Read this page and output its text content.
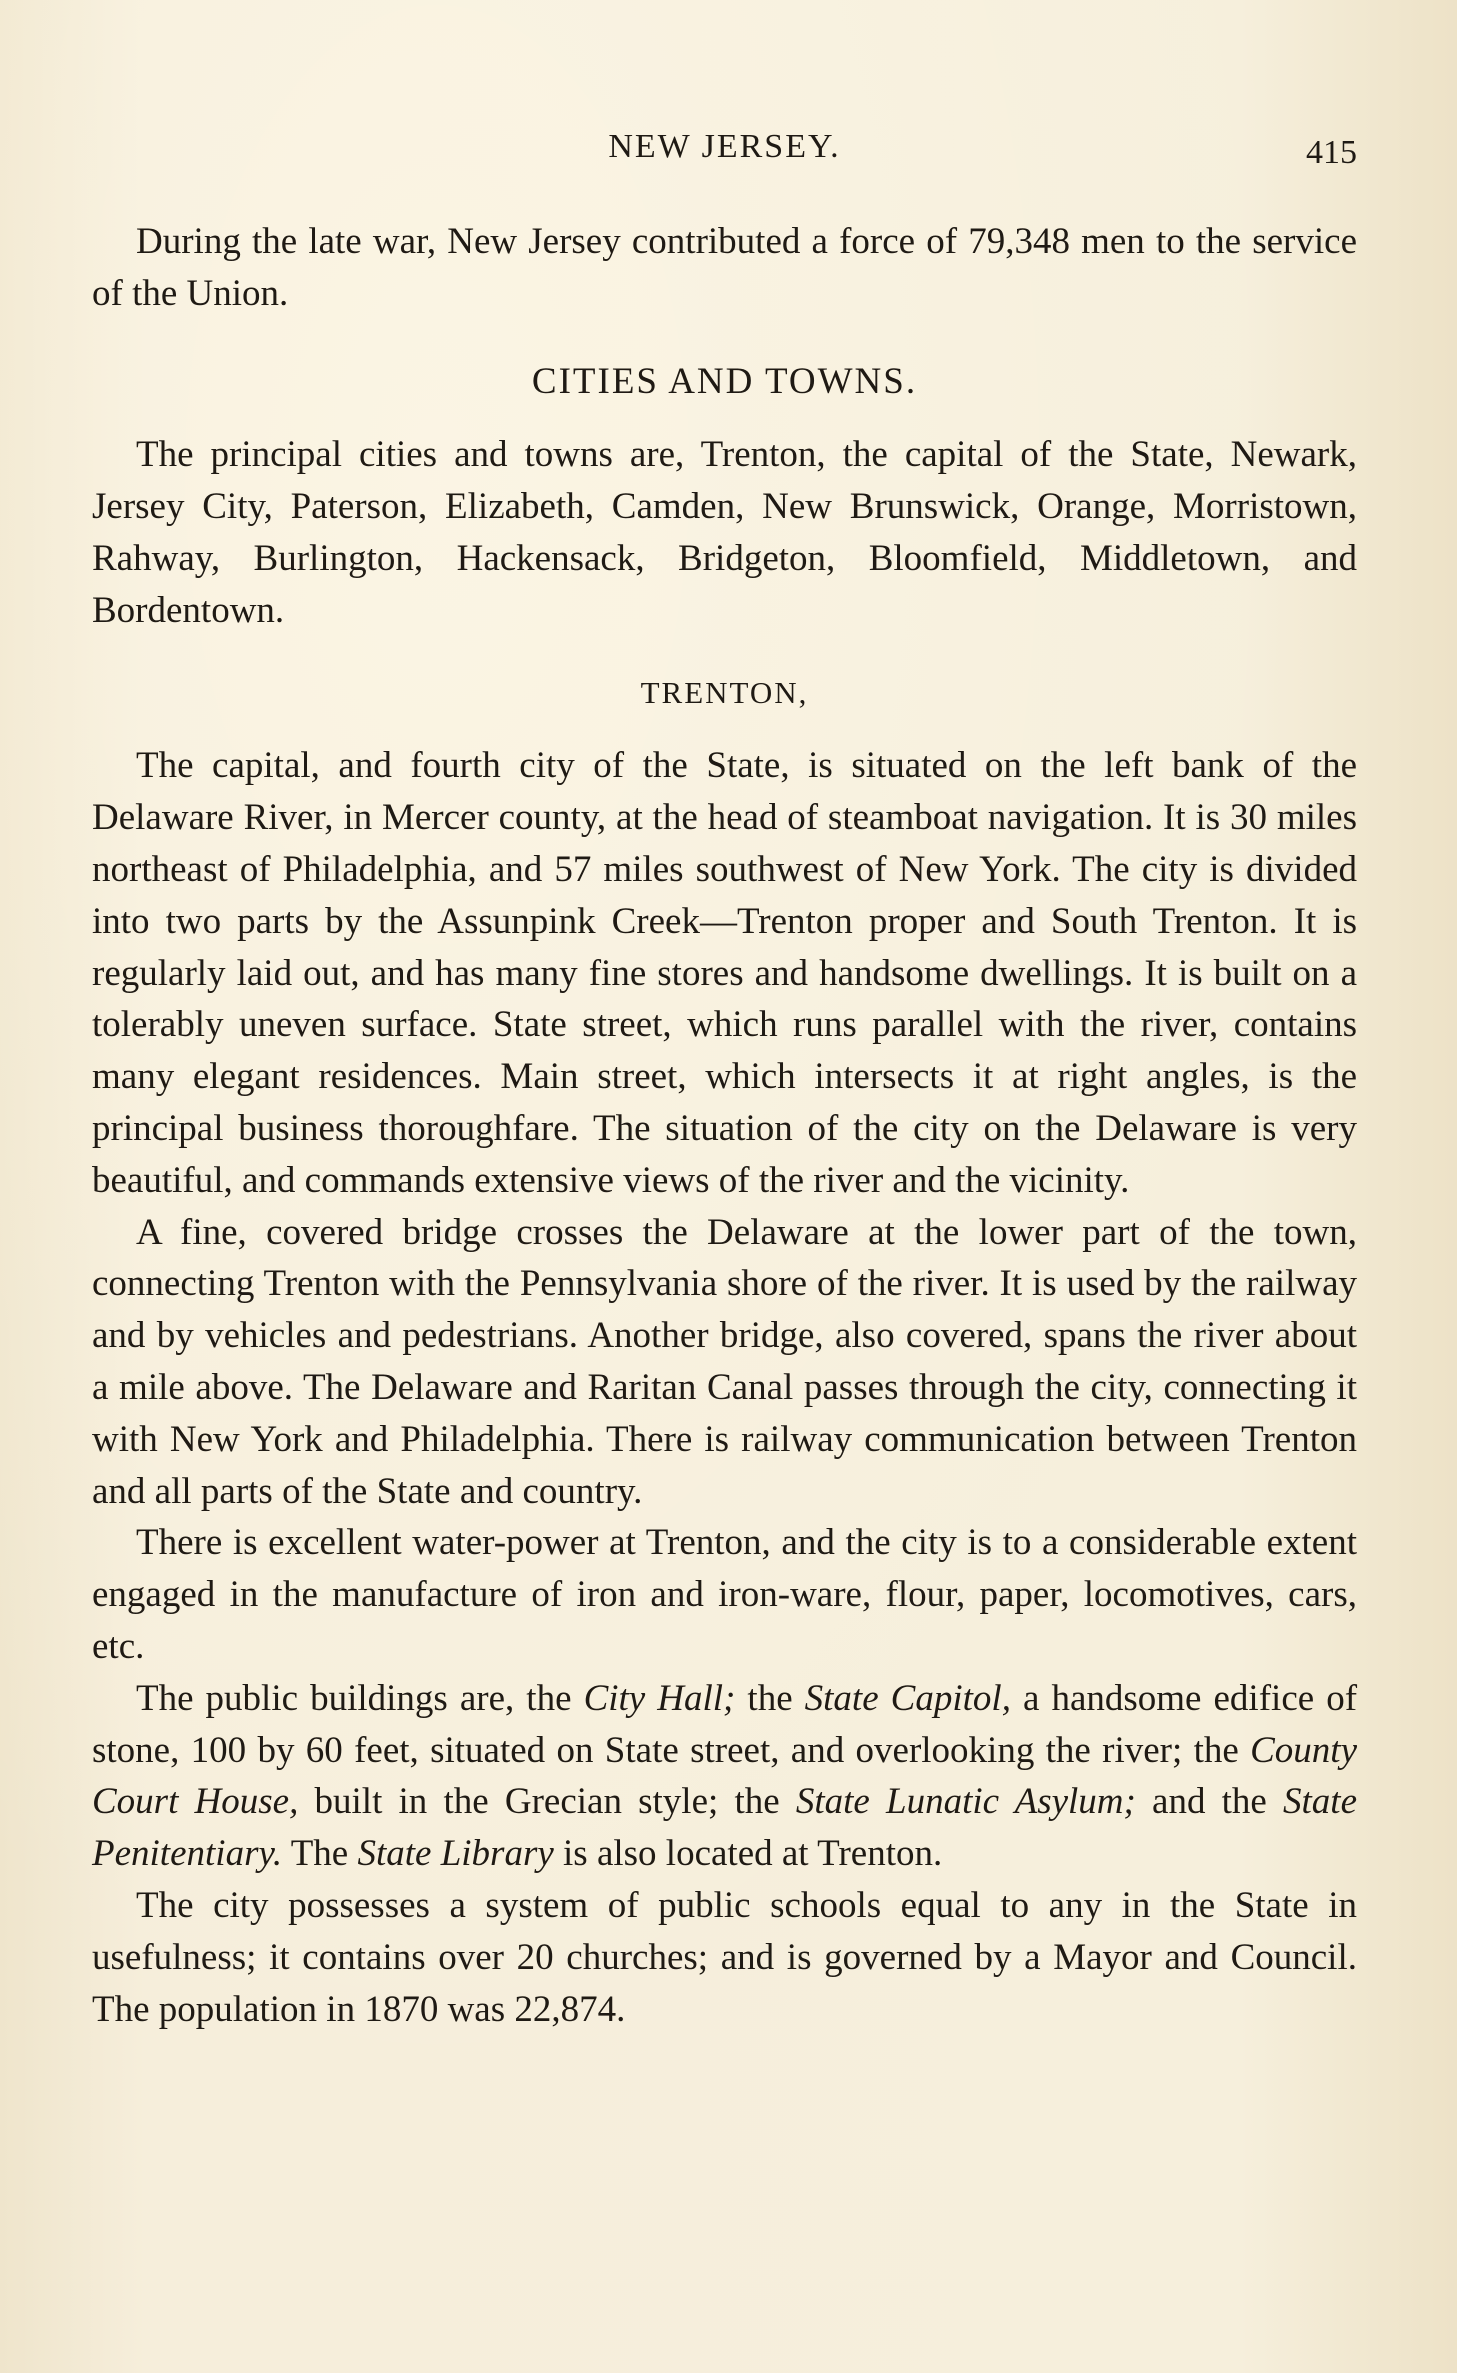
NEW JERSEY.	415

During the late war, New Jersey contributed a force of 79,348 men to the service of the Union.

CITIES AND TOWNS.

The principal cities and towns are, Trenton, the capital of the State, Newark, Jersey City, Paterson, Elizabeth, Camden, New Brunswick, Orange, Morristown, Rahway, Burlington, Hackensack, Bridgeton, Bloomfield, Middletown, and Bordentown.

TRENTON,

The capital, and fourth city of the State, is situated on the left bank of the Delaware River, in Mercer county, at the head of steamboat navigation. It is 30 miles northeast of Philadelphia, and 57 miles southwest of New York. The city is divided into two parts by the Assunpink Creek—Trenton proper and South Trenton. It is regularly laid out, and has many fine stores and handsome dwellings. It is built on a tolerably uneven surface. State street, which runs parallel with the river, contains many elegant residences. Main street, which intersects it at right angles, is the principal business thoroughfare. The situation of the city on the Delaware is very beautiful, and commands extensive views of the river and the vicinity.

A fine, covered bridge crosses the Delaware at the lower part of the town, connecting Trenton with the Pennsylvania shore of the river. It is used by the railway and by vehicles and pedestrians. Another bridge, also covered, spans the river about a mile above. The Delaware and Raritan Canal passes through the city, connecting it with New York and Philadelphia. There is railway communication between Trenton and all parts of the State and country.

There is excellent water-power at Trenton, and the city is to a considerable extent engaged in the manufacture of iron and iron-ware, flour, paper, locomotives, cars, etc.

The public buildings are, the City Hall; the State Capitol, a handsome edifice of stone, 100 by 60 feet, situated on State street, and overlooking the river; the County Court House, built in the Grecian style; the State Lunatic Asylum; and the State Penitentiary. The State Library is also located at Trenton.

The city possesses a system of public schools equal to any in the State in usefulness; it contains over 20 churches; and is governed by a Mayor and Council. The population in 1870 was 22,874.
